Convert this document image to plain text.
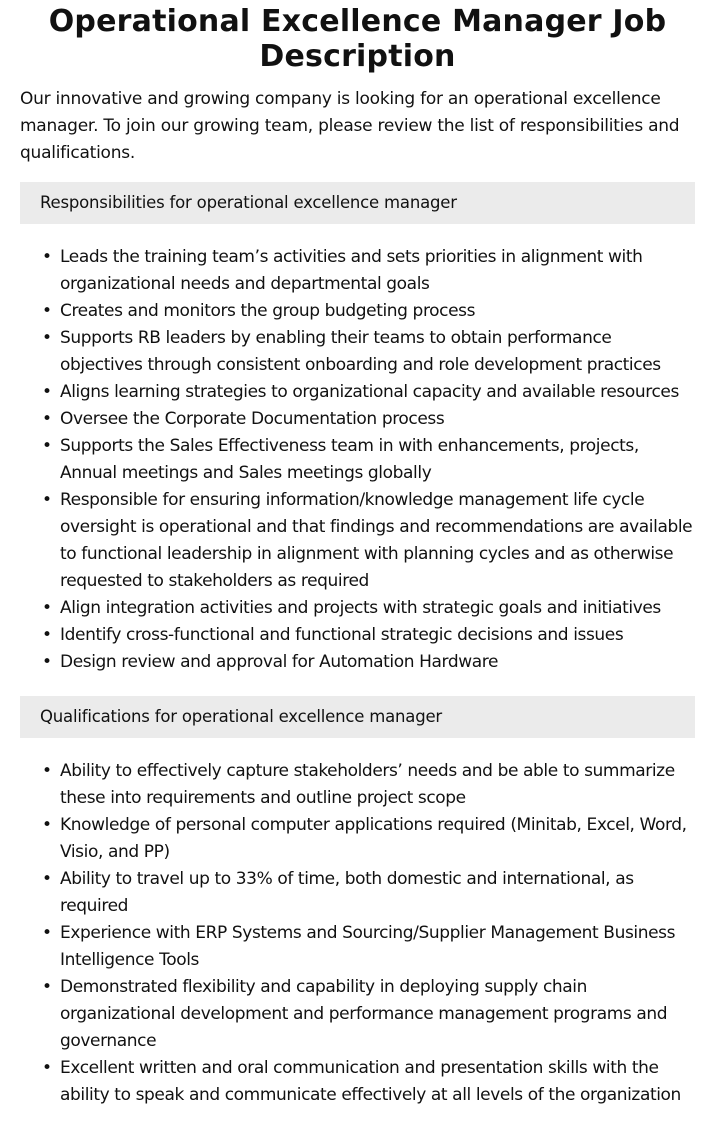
Operational Excellence Manager Job Description

Our innovative and growing company is looking for an operational excellence manager. To join our growing team, please review the list of responsibilities and qualifications.

Responsibilities for operational excellence manager
• Leads the training team’s activities and sets priorities in alignment with organizational needs and departmental goals
• Creates and monitors the group budgeting process
• Supports RB leaders by enabling their teams to obtain performance objectives through consistent onboarding and role development practices
• Aligns learning strategies to organizational capacity and available resources
• Oversee the Corporate Documentation process
• Supports the Sales Effectiveness team in with enhancements, projects, Annual meetings and Sales meetings globally
• Responsible for ensuring information/knowledge management life cycle oversight is operational and that findings and recommendations are available to functional leadership in alignment with planning cycles and as otherwise requested to stakeholders as required
• Align integration activities and projects with strategic goals and initiatives
• Identify cross-functional and functional strategic decisions and issues
• Design review and approval for Automation Hardware
Qualifications for operational excellence manager
• Ability to effectively capture stakeholders’ needs and be able to summarize these into requirements and outline project scope
• Knowledge of personal computer applications required (Minitab, Excel, Word, Visio, and PP)
• Ability to travel up to 33% of time, both domestic and international, as required
• Experience with ERP Systems and Sourcing/Supplier Management Business Intelligence Tools
• Demonstrated flexibility and capability in deploying supply chain organizational development and performance management programs and governance
• Excellent written and oral communication and presentation skills with the ability to speak and communicate effectively at all levels of the organization
